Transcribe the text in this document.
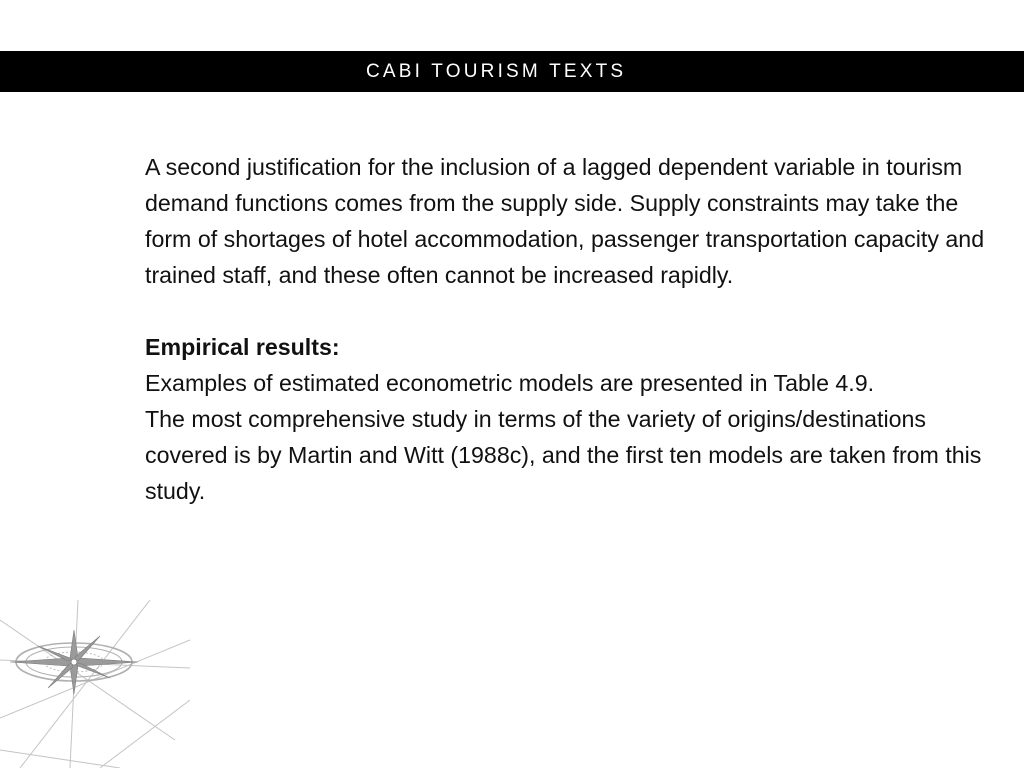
CABI TOURISM TEXTS

A second justification for the inclusion of a lagged dependent variable in tourism demand functions comes from the supply side. Supply constraints may take the form of shortages of hotel accommodation, passenger transportation capacity and trained staff, and these often cannot be increased rapidly.

Empirical results:

Examples of estimated econometric models are presented in Table 4.9.

The most comprehensive study in terms of the variety of origins/destinations covered is by Martin and Witt (1988c), and the first ten models are taken from this study.
